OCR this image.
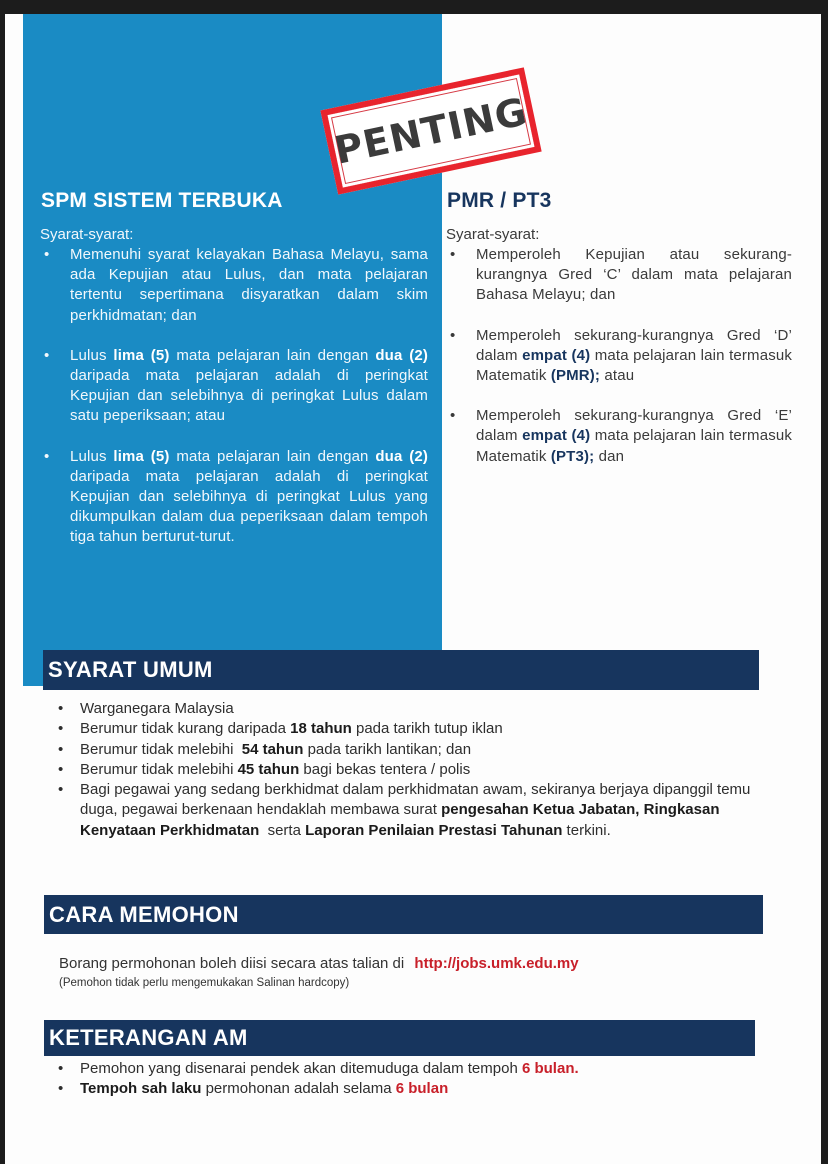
SPM SISTEM TERBUKA
Syarat-syarat:
• Memenuhi syarat kelayakan Bahasa Melayu, sama ada Kepujian atau Lulus, dan mata pelajaran tertentu sepertimana disyaratkan dalam skim perkhidmatan; dan
• Lulus lima (5) mata pelajaran lain dengan dua (2) daripada mata pelajaran adalah di peringkat Kepujian dan selebihnya di peringkat Lulus dalam satu peperiksaan; atau
• Lulus lima (5) mata pelajaran lain dengan dua (2) daripada mata pelajaran adalah di peringkat Kepujian dan selebihnya di peringkat Lulus yang dikumpulkan dalam dua peperiksaan dalam tempoh tiga tahun berturut-turut.
PMR / PT3
Syarat-syarat:
• Memperoleh Kepujian atau sekurang-kurangnya Gred ‘C’ dalam mata pelajaran Bahasa Melayu; dan
• Memperoleh sekurang-kurangnya Gred ‘D’ dalam empat (4) mata pelajaran lain termasuk Matematik (PMR); atau
• Memperoleh sekurang-kurangnya Gred ‘E’ dalam empat (4) mata pelajaran lain termasuk Matematik (PT3); dan
PENTING
SYARAT UMUM
• Warganegara Malaysia
• Berumur tidak kurang daripada 18 tahun pada tarikh tutup iklan
• Berumur tidak melebihi  54 tahun pada tarikh lantikan; dan
• Berumur tidak melebihi 45 tahun bagi bekas tentera / polis
• Bagi pegawai yang sedang berkhidmat dalam perkhidmatan awam, sekiranya berjaya dipanggil temu duga, pegawai berkenaan hendaklah membawa surat pengesahan Ketua Jabatan, Ringkasan Kenyataan Perkhidmatan  serta Laporan Penilaian Prestasi Tahunan terkini.
CARA MEMOHON
Borang permohonan boleh diisi secara atas talian di http://jobs.umk.edu.my
(Pemohon tidak perlu mengemukakan Salinan hardcopy)
KETERANGAN AM
• Pemohon yang disenarai pendek akan ditemuduga dalam tempoh 6 bulan.
• Tempoh sah laku permohonan adalah selama 6 bulan
